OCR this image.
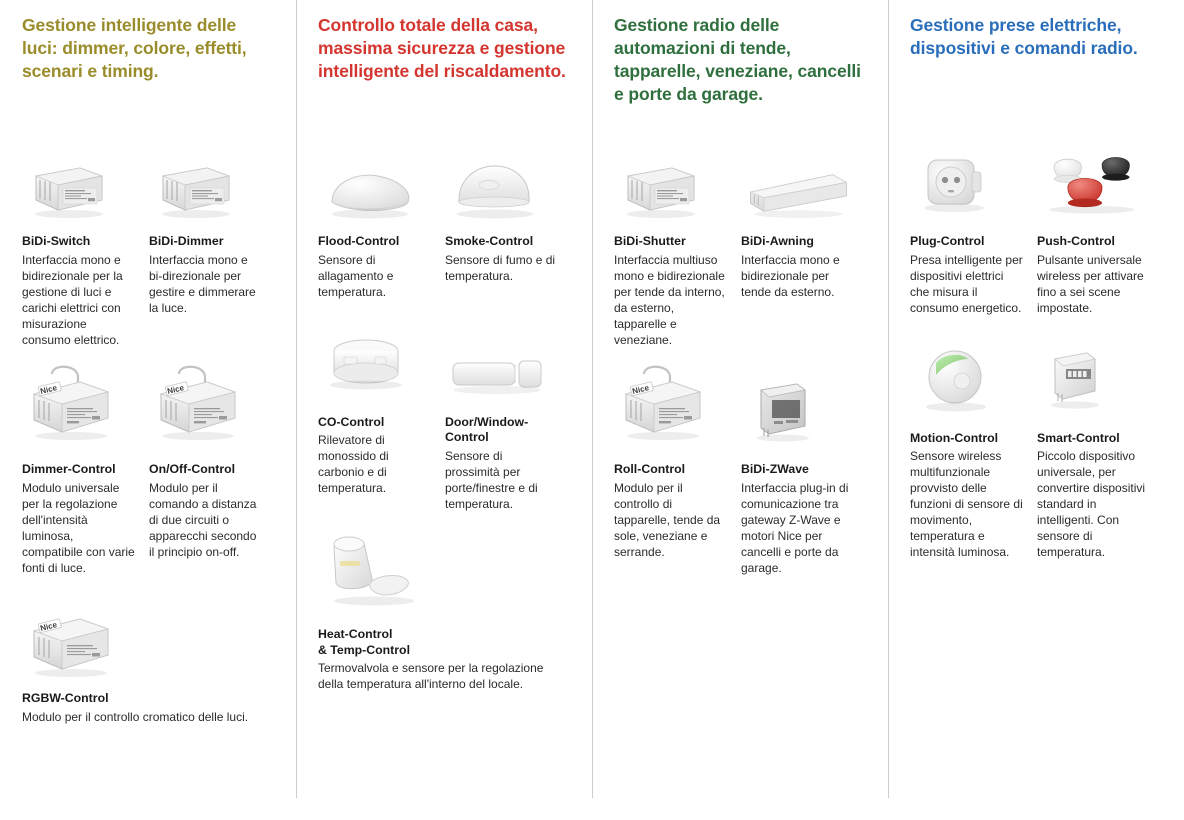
Gestione intelligente delle luci: dimmer, colore, effetti, scenari e timing.
BiDi-Switch
Interfaccia mono e bidirezionale per la gestione di luci e carichi elettrici con misurazione consumo elettrico.
BiDi-Dimmer
Interfaccia mono e bi-direzionale per gestire e dimmerare la luce.
Nice
Dimmer-Control
Modulo universale per la regolazione dell'intensità luminosa, compatibile con varie fonti di luce.
Nice
On/Off-Control
Modulo per il comando a distanza di due circuiti o apparecchi secondo il principio on-off.
Nice
RGBW-Control
Modulo per il controllo cromatico delle luci.
Controllo totale della casa, massima sicurezza e gestione intelligente del riscaldamento.
Flood-Control
Sensore di allagamento e temperatura.
Smoke-Control
Sensore di fumo e di temperatura.
CO-Control
Rilevatore di monossido di carbonio e di temperatura.
Door/Window-Control
Sensore di prossimità per porte/finestre e di temperatura.
Heat-Control
& Temp-Control
Termovalvola e sensore per la regolazione della temperatura all'interno del locale.
Gestione radio delle automazioni di tende, tapparelle, veneziane, cancelli e porte da garage.
BiDi-Shutter
Interfaccia multiuso mono e bidirezionale per tende da interno, da esterno, tapparelle e veneziane.
BiDi-Awning
Interfaccia mono e bidirezionale per tende da esterno.
Nice
Roll-Control
Modulo per il controllo di tapparelle, tende da sole, veneziane e serrande.
BiDi-ZWave
Interfaccia plug-in di comunicazione tra gateway Z-Wave e motori Nice per cancelli e porte da garage.
Gestione prese elettriche, dispositivi e comandi radio.
Plug-Control
Presa intelligente per dispositivi elettrici che misura il consumo energetico.
Push-Control
Pulsante universale wireless per attivare fino a sei scene impostate.
Motion-Control
Sensore wireless multifunzionale provvisto delle funzioni di sensore di movimento, temperatura e intensità luminosa.
Smart-Control
Piccolo dispositivo universale, per convertire dispositivi standard in intelligenti. Con sensore di temperatura.
